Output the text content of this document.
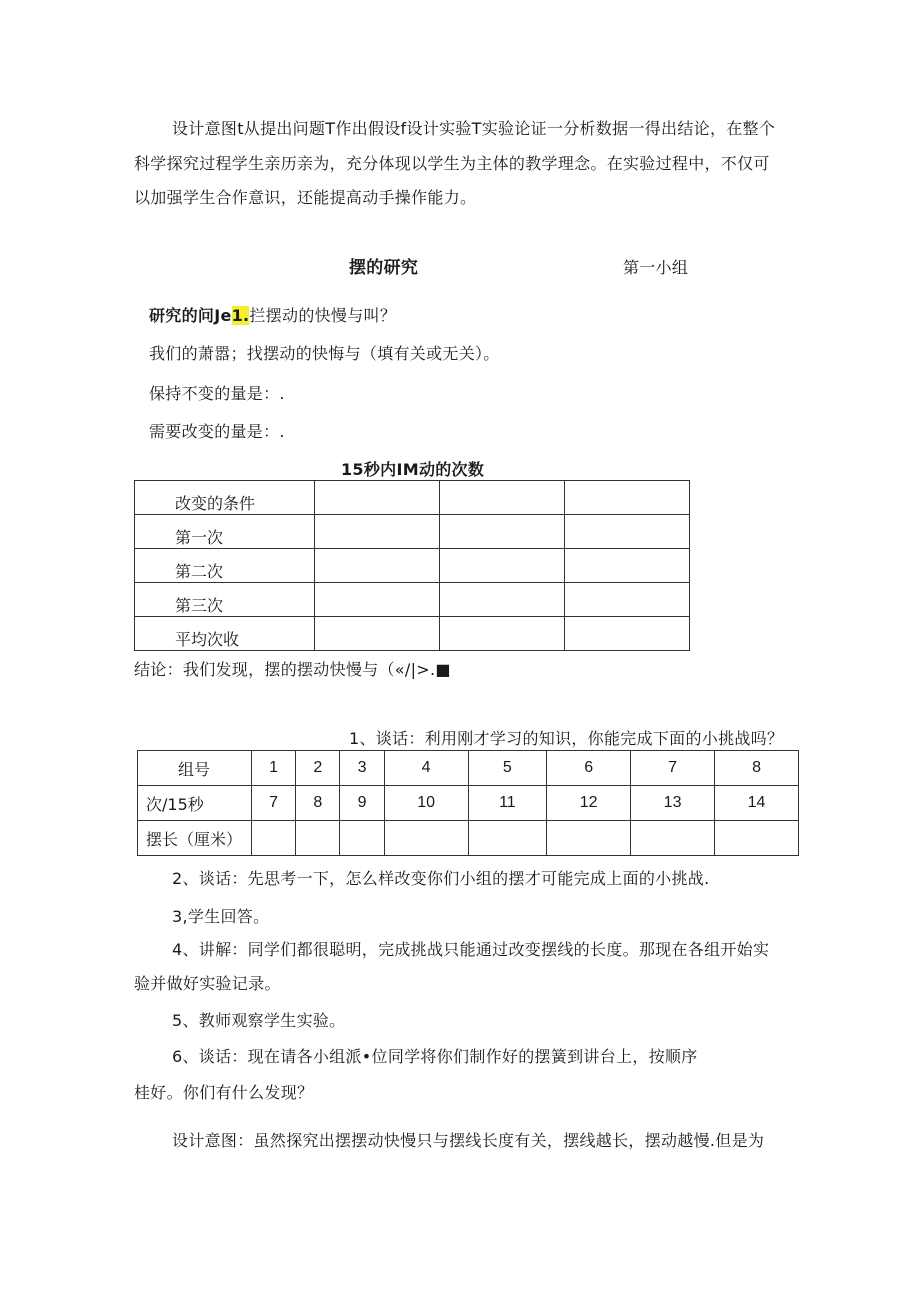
设计意图t从提出问题T作出假设f设计实验T实验论证一分析数据一得出结论，在整个
科学探究过程学生亲历亲为，充分体现以学生为主体的教学理念。在实验过程中，不仅可
以加强学生合作意识，还能提高动手操作能力。
摆的研究	第一小组
研究的问Je1.拦摆动的快慢与叫？
我们的萧嚣；找摆动的快悔与（填有关或无关）。
保持不变的量是：.
需要改变的量是：.
15秒内IM动的次数
改变的条件			
第一次			
第二次			
第三次			
平均次收			
结论：我们发现，摆的摆动快慢与（«/|>.■
1、谈话：利用刚才学习的知识，你能完成下面的小挑战吗？
组号	1	2	3	4	5	6	7	8
次/15秒	7	8	9	10	11	12	13	14
摆长（厘米）								
2、谈话：先思考一下，怎么样改变你们小组的摆才可能完成上面的小挑战.
3,学生回答。
4、讲解：同学们都很聪明，完成挑战只能通过改变摆线的长度。那现在各组开始实
验并做好实验记录。
5、教师观察学生实验。
6、谈话：现在请各小组派•位同学将你们制作好的摆簧到讲台上，按顺序
桂好。你们有什么发现？
设计意图：虽然探究出摆摆动快慢只与摆线长度有关，摆线越长，摆动越慢.但是为
